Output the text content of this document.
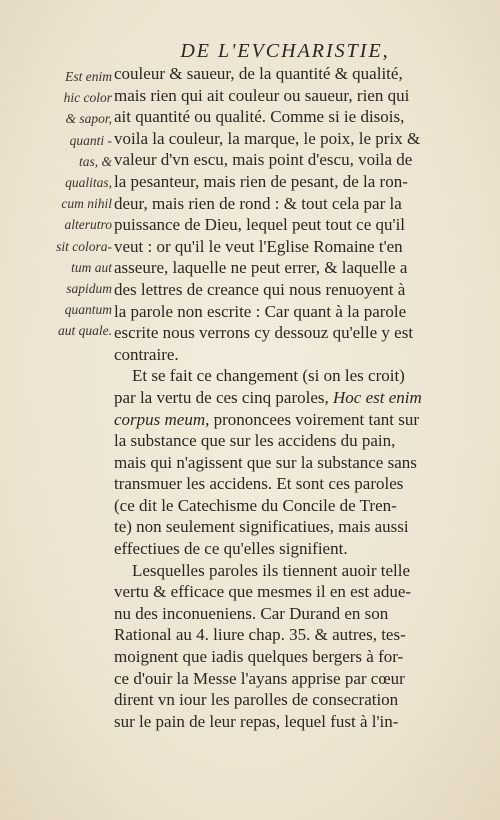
DE L'EVCHARISTIE,
Est enim
hic color
& sapor,
quanti -
tas, &
qualitas,
cum nihil
alterutro
sit colora-
tum aut
sapidum
quantum
aut quale.
couleur & saueur, de la quantité & qualité,
mais rien qui ait couleur ou saueur, rien qui
ait quantité ou qualité. Comme si ie disois,
voila la couleur, la marque, le poix, le prix &
valeur d'vn escu, mais point d'escu, voila de
la pesanteur, mais rien de pesant, de la ron-
deur, mais rien de rond : & tout cela par la
puissance de Dieu, lequel peut tout ce qu'il
veut : or qu'il le veut l'Eglise Romaine t'en
asseure, laquelle ne peut errer, & laquelle a
des lettres de creance qui nous renuoyent à
la parole non escrite : Car quant à la parole
escrite nous verrons cy dessouz qu'elle y est
contraire.
Et se fait ce changement (si on les croit)
par la vertu de ces cinq paroles, Hoc est enim
corpus meum, prononcees voirement tant sur
la substance que sur les accidens du pain,
mais qui n'agissent que sur la substance sans
transmuer les accidens. Et sont ces paroles
(ce dit le Catechisme du Concile de Tren-
te) non seulement significatiues, mais aussi
effectiues de ce qu'elles signifient.
Lesquelles paroles ils tiennent auoir telle
vertu & efficace que mesmes il en est adue-
nu des inconueniens. Car Durand en son
Rational au 4. liure chap. 35. & autres, tes-
moignent que iadis quelques bergers à for-
ce d'ouir la Messe l'ayans apprise par cœur
dirent vn iour les parolles de consecration
sur le pain de leur repas, lequel fust à l'in-
